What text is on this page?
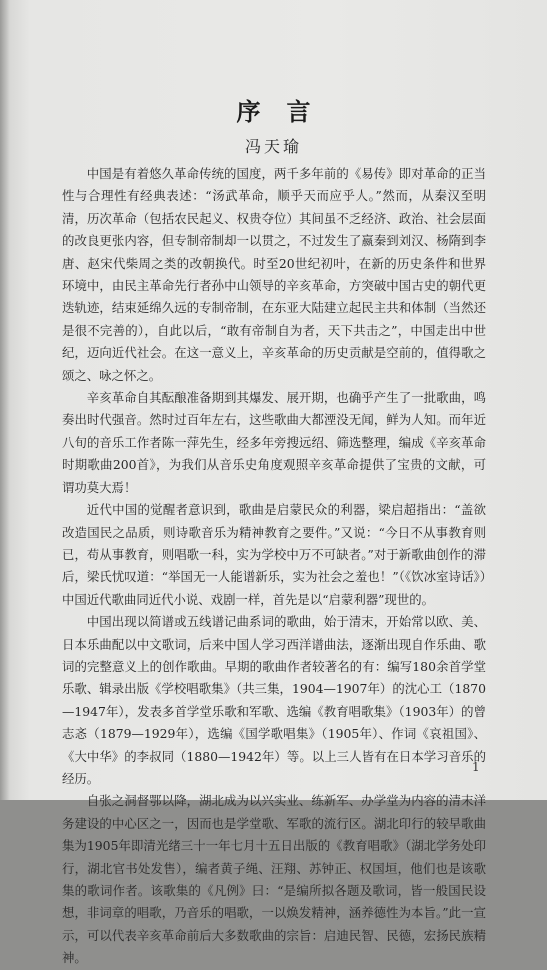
序言
冯天瑜

中国是有着悠久革命传统的国度，两千多年前的《易传》即对革命的正当性与合理性有经典表述：“汤武革命，顺乎天而应乎人。”然而，从秦汉至明清，历次革命（包括农民起义、权贵夺位）其间虽不乏经济、政治、社会层面的改良更张内容，但专制帝制却一以贯之，不过发生了嬴秦到刘汉、杨隋到李唐、赵宋代柴周之类的改朝换代。时至20世纪初叶，在新的历史条件和世界环境中，由民主革命先行者孙中山领导的辛亥革命，方突破中国古史的朝代更迭轨迹，结束延绵久远的专制帝制，在东亚大陆建立起民主共和体制（当然还是很不完善的），自此以后，“敢有帝制自为者，天下共击之”，中国走出中世纪，迈向近代社会。在这一意义上，辛亥革命的历史贡献是空前的，值得歌之颂之、咏之怀之。

辛亥革命自其酝酿准备期到其爆发、展开期，也确乎产生了一批歌曲，鸣奏出时代强音。然时过百年左右，这些歌曲大都湮没无闻，鲜为人知。而年近八旬的音乐工作者陈一萍先生，经多年旁搜远绍、筛选整理，编成《辛亥革命时期歌曲200首》，为我们从音乐史角度观照辛亥革命提供了宝贵的文献，可谓功莫大焉！

近代中国的觉醒者意识到，歌曲是启蒙民众的利器，梁启超指出：“盖欲改造国民之品质，则诗歌音乐为精神教育之要件。”又说：“今日不从事教育则已，苟从事教育，则唱歌一科，实为学校中万不可缺者。”对于新歌曲创作的滞后，梁氏忧叹道：“举国无一人能谱新乐，实为社会之羞也！”（《饮冰室诗话》）中国近代歌曲同近代小说、戏剧一样，首先是以“启蒙利器”现世的。

中国出现以简谱或五线谱记曲系词的歌曲，始于清末，开始常以欧、美、日本乐曲配以中文歌词，后来中国人学习西洋谱曲法，逐渐出现自作乐曲、歌词的完整意义上的创作歌曲。早期的歌曲作者较著名的有：编写180余首学堂乐歌、辑录出版《学校唱歌集》（共三集，1904—1907年）的沈心工（1870—1947年），发表多首学堂乐歌和军歌、选编《教育唱歌集》（1903年）的曾志忞（1879—1929年），选编《国学歌唱集》（1905年）、作词《哀祖国》、《大中华》的李叔同（1880—1942年）等。以上三人皆有在日本学习音乐的经历。

自张之洞督鄂以降，湖北成为以兴实业、练新军、办学堂为内容的清末洋务建设的中心区之一，因而也是学堂歌、军歌的流行区。湖北印行的较早歌曲集为1905年即清光绪三十一年七月十五日出版的《教育唱歌》（湖北学务处印行，湖北官书处发售），编者黄子绳、汪翔、苏钟正、权国垣，他们也是该歌集的歌词作者。该歌集的《凡例》曰：“是编所拟各题及歌词，皆一般国民设想，非词章的唱歌，乃音乐的唱歌，一以焕发精神，涵养德性为本旨。”此一宣示，可以代表辛亥革命前后大多数歌曲的宗旨：启迪民智、民德，宏扬民族精神。

1
